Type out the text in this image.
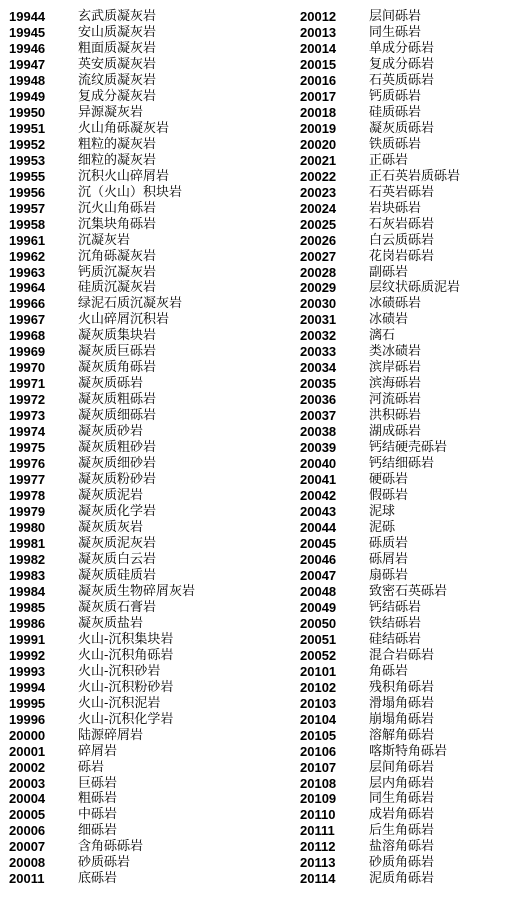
19944	玄武质凝灰岩
19945	安山质凝灰岩
19946	粗面质凝灰岩
19947	英安质凝灰岩
19948	流纹质凝灰岩
19949	复成分凝灰岩
19950	异源凝灰岩
19951	火山角砾凝灰岩
19952	粗粒的凝灰岩
19953	细粒的凝灰岩
19955	沉积火山碎屑岩
19956	沉（火山）积块岩
19957	沉火山角砾岩
19958	沉集块角砾岩
19961	沉凝灰岩
19962	沉角砾凝灰岩
19963	钙质沉凝灰岩
19964	硅质沉凝灰岩
19966	绿泥石质沉凝灰岩
19967	火山碎屑沉积岩
19968	凝灰质集块岩
19969	凝灰质巨砾岩
19970	凝灰质角砾岩
19971	凝灰质砾岩
19972	凝灰质粗砾岩
19973	凝灰质细砾岩
19974	凝灰质砂岩
19975	凝灰质粗砂岩
19976	凝灰质细砂岩
19977	凝灰质粉砂岩
19978	凝灰质泥岩
19979	凝灰质化学岩
19980	凝灰质灰岩
19981	凝灰质泥灰岩
19982	凝灰质白云岩
19983	凝灰质硅质岩
19984	凝灰质生物碎屑灰岩
19985	凝灰质石膏岩
19986	凝灰质盐岩
19991	火山-沉积集块岩
19992	火山-沉积角砾岩
19993	火山-沉积砂岩
19994	火山-沉积粉砂岩
19995	火山-沉积泥岩
19996	火山-沉积化学岩
20000	陆源碎屑岩
20001	碎屑岩
20002	砾岩
20003	巨砾岩
20004	粗砾岩
20005	中砾岩
20006	细砾岩
20007	含角砾砾岩
20008	砂质砾岩
20011	底砾岩
20012	层间砾岩
20013	同生砾岩
20014	单成分砾岩
20015	复成分砾岩
20016	石英质砾岩
20017	钙质砾岩
20018	硅质砾岩
20019	凝灰质砾岩
20020	铁质砾岩
20021	正砾岩
20022	正石英岩质砾岩
20023	石英岩砾岩
20024	岩块砾岩
20025	石灰岩砾岩
20026	白云质砾岩
20027	花岗岩砾岩
20028	副砾岩
20029	层纹状砾质泥岩
20030	冰碛砾岩
20031	冰碛岩
20032	漓石
20033	类冰碛岩
20034	滨岸砾岩
20035	滨海砾岩
20036	河流砾岩
20037	洪积砾岩
20038	湖成砾岩
20039	钙结硬壳砾岩
20040	钙结细砾岩
20041	硬砾岩
20042	假砾岩
20043	泥球
20044	泥砾
20045	砾质岩
20046	砾屑岩
20047	扇砾岩
20048	致密石英砾岩
20049	钙结砾岩
20050	铁结砾岩
20051	硅结砾岩
20052	混合岩砾岩
20101	角砾岩
20102	残积角砾岩
20103	滑塌角砾岩
20104	崩塌角砾岩
20105	溶解角砾岩
20106	喀斯特角砾岩
20107	层间角砾岩
20108	层内角砾岩
20109	同生角砾岩
20110	成岩角砾岩
20111	后生角砾岩
20112	盐溶角砾岩
20113	砂质角砾岩
20114	泥质角砾岩
